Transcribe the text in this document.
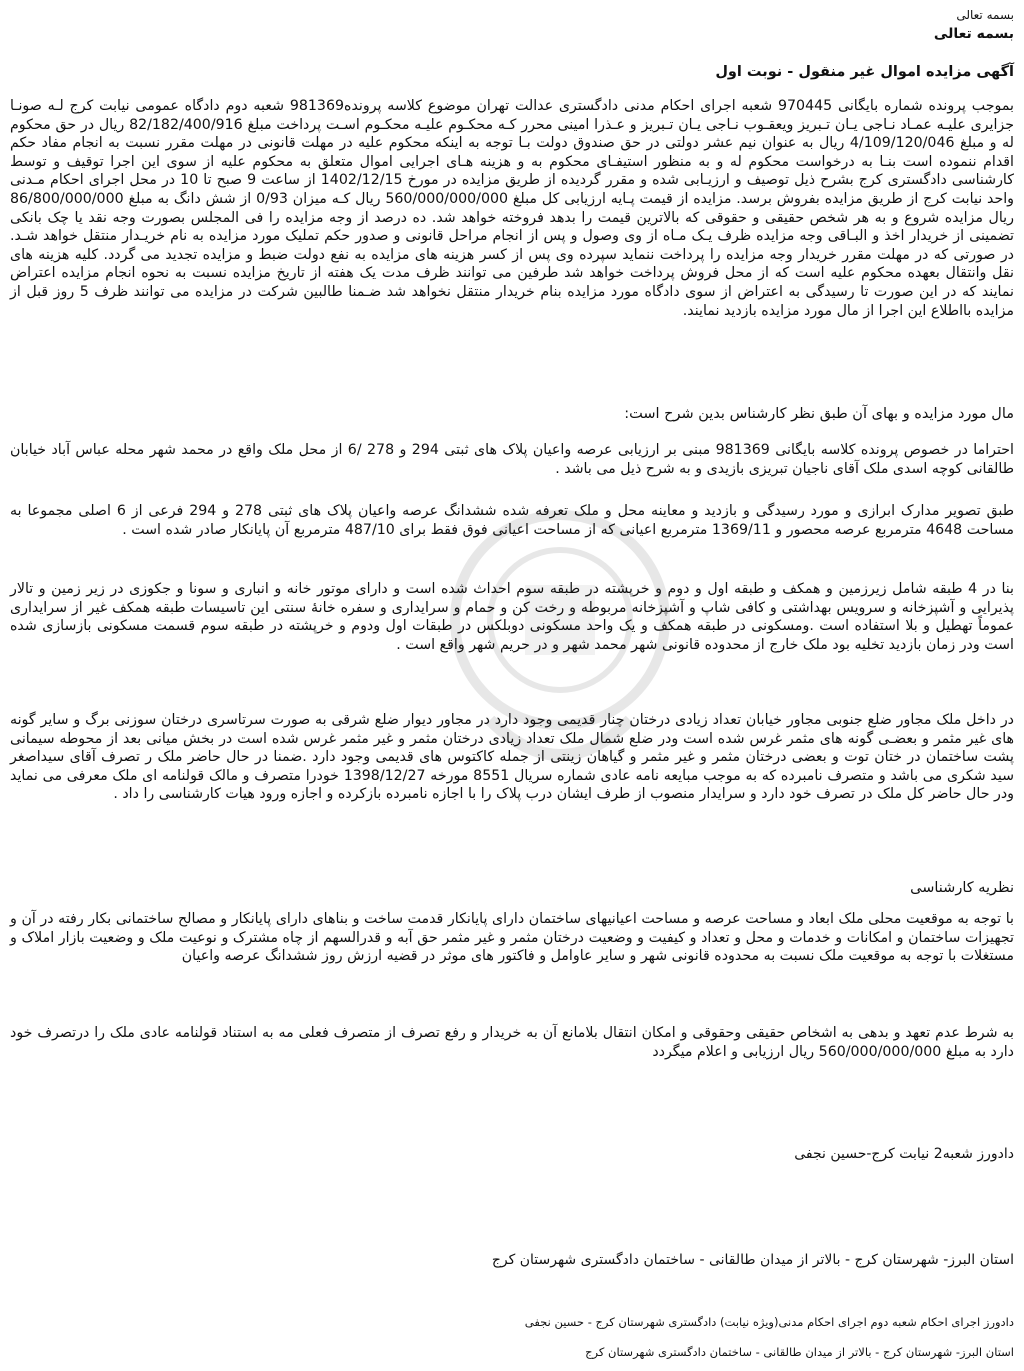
بسمه تعالی
بسمه تعالی
آگهی مزایده اموال غیر منقول - نوبت اول
بموجب پرونده شماره بایگانی 970445 شعبه اجرای احکام مدنی دادگستری عدالت تهران موضوع کلاسه پرونده981369 شعبه دوم دادگاه عمومی نیابت کرج لـه صونـا جزایری علیـه عمـاد نـاجی یـان تـبریز ویعقـوب نـاجی یـان تـبریز و عـذرا امینی محرر کـه محکـوم علیـه محکـوم اسـت پرداخت مبلغ 82/182/400/916 ریال در حق محکوم له و مبلغ 4/109/120/046 ریال به عنوان نیم عشر دولتی در حق صندوق دولت بـا توجه به اینکه محکوم علیه در مهلت قانونی در مهلت مقرر نسبت به انجام مفاد حکم اقدام ننموده است بنـا به درخواست محکوم له و به منظور استیفـای محکوم به و هزینه هـای اجرایی اموال متعلق به محکوم علیه از سوی این اجرا توقیف و توسط کارشناسی دادگستری کرج بشرح ذیل توصیف و ارزیـابی شده و مقرر گردیده از طریق مزایده در مورخ 1402/12/15 از ساعت 9 صبح تا 10 در محل اجرای احکام مـدنی واحد نیابت کرج از طریق مزایده بفروش برسد. مزایده از قیمت پـایه ارزیابی کل مبلغ 560/000/000/000 ریال کـه میزان 0/93 از شش دانگ به مبلغ 86/800/000/000 ریال مزایده شروع و به هر شخص حقیقی و حقوقی که بالاترین قیمت را بدهد فروخته خواهد شد. ده درصد از وجه مزایده را فی المجلس بصورت وجه نقد یا چک بانکی تضمینی از خریدار اخذ و البـاقی وجه مزایده ظرف یـک مـاه از وی وصول و پس از انجام مراحل قانونی و صدور حکم تملیک مورد مزایده به نام خریـدار منتقل خواهد شـد. در صورتی که در مهلت مقرر خریدار وجه مزایده را پرداخت ننماید سپرده وی پس از کسر هزینه های مزایده به نفع دولت ضبط و مزایده تجدید می گردد. کلیه هزینه های نقل وانتقال بعهده محکوم علیه است که از محل فروش پرداخت خواهد شد طرفین می توانند ظرف مدت یک هفته از تاریخ مزایده نسبت به نحوه انجام مزایده اعتراض نمایند که در این صورت تا رسیدگی به اعتراض از سوی دادگاه مورد مزایده بنام خریدار منتقل نخواهد شد ضـمنا طالبین شرکت در مزایده می توانند ظرف 5 روز قبل از مزایده بااطلاع این اجرا از مال مورد مزایده بازدید نمایند.
مال مورد مزایده و بهای آن طبق نظر کارشناس بدین شرح است:
احتراما در خصوص پرونده کلاسه بایگانی 981369 مبنی بر ارزیابی عرصه واعیان پلاک های ثبتی 294 و 278 /6 از محل ملک واقع در محمد شهر محله عباس آباد خیابان طالقانی کوچه اسدی ملک آقای ناجیان تبریزی بازیدی و به شرح ذیل می باشد .
طبق تصویر مدارک ابرازی و مورد رسیدگی و بازدید و معاینه محل و ملک تعرفه شده ششدانگ عرصه واعیان پلاک های ثبتی 278 و 294 فرعی از 6 اصلی مجموعا به مساحت 4648 مترمربع عرصه محصور و 1369/11 مترمربع اعیانی که از مساحت اعیانی فوق فقط برای 487/10 مترمربع آن پایانکار صادر شده است .
بنا در 4 طبقه شامل زیرزمین و همکف و طبقه اول و دوم و خرپشته در طبقه سوم احداث شده است و دارای موتور خانه و انباری و سونا و جکوزی در زیر زمین و تالار پذیرایی و آشپزخانه و سرویس بهداشتی و کافی شاپ و آشپزخانه مربوطه و رخت کن و حمام و سرایداری و سفره خانهٔ سنتی این تاسیسات طبقه همکف غیر از سرایداری عموماً تهطیل و بلا استفاده است .ومسکونی در طبقه همکف و یک واحد مسکونی دوبلکس در طبقات اول ودوم و خرپشته در طبقه سوم قسمت مسکونی بازسازی شده است ودر زمان بازدید تخلیه بود ملک خارج از محدوده قانونی شهر محمد شهر و در حریم شهر واقع است .
در داخل ملک مجاور ضلع جنوبی مجاور خیابان تعداد زیادی درختان چنار قدیمی وجود دارد در مجاور دیوار ضلع شرقی به صورت سرتاسری درختان سوزنی برگ و سایر گونه های غیر مثمر و بعضـی گونه های مثمر غرس شده است ودر ضلع شمال ملک تعداد زیادی درختان مثمر و غیر مثمر غرس شده است در بخش میانی بعد از محوطه سیمانی پشت ساختمان در ختان توت و بعضی درختان مثمر و غیر مثمر و گیاهان زینتی از جمله کاکتوس های قدیمی وجود دارد .ضمنا در حال حاضر ملک ر تصرف آقای سیداصغر سید شکری می باشد و متصرف نامبرده که به موجب مبایعه نامه عادی شماره سریال 8551 مورخه 1398/12/27 خودرا متصرف و مالک قولنامه ای ملک معرفی می نماید ودر حال حاضر کل ملک در تصرف خود دارد و سرایدار منصوب از طرف ایشان درب پلاک را با اجازه نامبرده بازکرده و اجازه ورود هیات کارشناسی را داد .
نظریه کارشناسی
با توجه به موقعیت محلی ملک ابعاد و مساحت عرصه و مساحت اعیانیهای ساختمان دارای پایانکار قدمت ساخت و بناهای دارای پایانکار و مصالح ساختمانی بکار رفته در آن و تجهیزات ساختمان و امکانات و خدمات و محل و تعداد و کیفیت و وضعیت درختان مثمر و غیر مثمر حق آبه و قدرالسهم از چاه مشترک و نوعیت ملک و وضعیت بازار املاک و مستغلات با توجه به موقعیت ملک نسبت به محدوده قانونی شهر و سایر عاوامل و فاکتور های موثر در قضیه ارزش روز ششدانگ عرصه واعیان
به شرط عدم تعهد و بدهی به اشخاص حقیقی وحقوقی و امکان انتقال بلامانع آن به خریدار و رفع تصرف از متصرف فعلی مه به استناد قولنامه عادی ملک را درتصرف خود دارد به مبلغ 560/000/000/000 ریال ارزیابی و اعلام میگردد
دادورز شعبه2 نیابت کرج-حسین نجفی
استان البرز- شهرستان کرج - بالاتر از میدان طالقانی - ساختمان دادگستری شهرستان کرج
دادورز اجرای احکام شعبه دوم اجرای احکام مدنی(ویژه نیابت) دادگستری شهرستان کرج - حسین نجفی
استان البرز- شهرستان کرج - بالاتر از میدان طالقانی - ساختمان دادگستری شهرستان کرج
